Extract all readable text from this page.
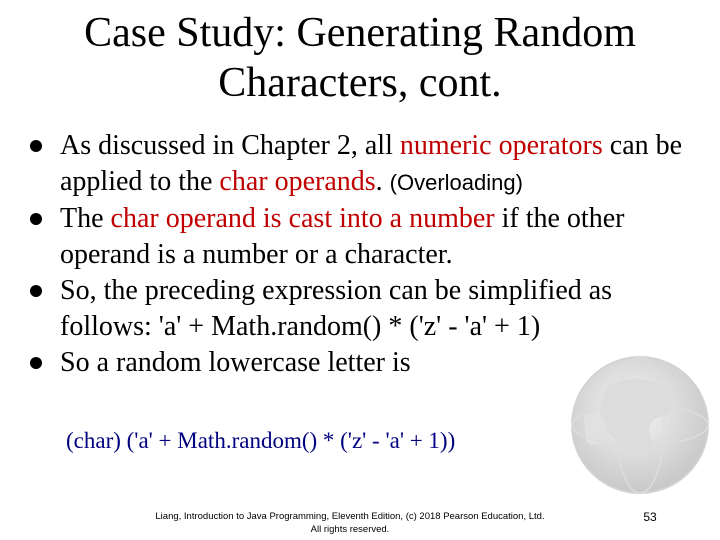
Case Study: Generating Random
Characters, cont.
As discussed in Chapter 2, all numeric operators can be applied to the char operands. (Overloading)
The char operand is cast into a number if the other operand is a number or a character.
So, the preceding expression can be simplified as follows: 'a' + Math.random() * ('z' - 'a' + 1)
So a random lowercase letter is
(char) ('a' + Math.random() * ('z' - 'a' + 1))
Liang, Introduction to Java Programming, Eleventh Edition, (c) 2018 Pearson Education, Ltd.
All rights reserved.
53
